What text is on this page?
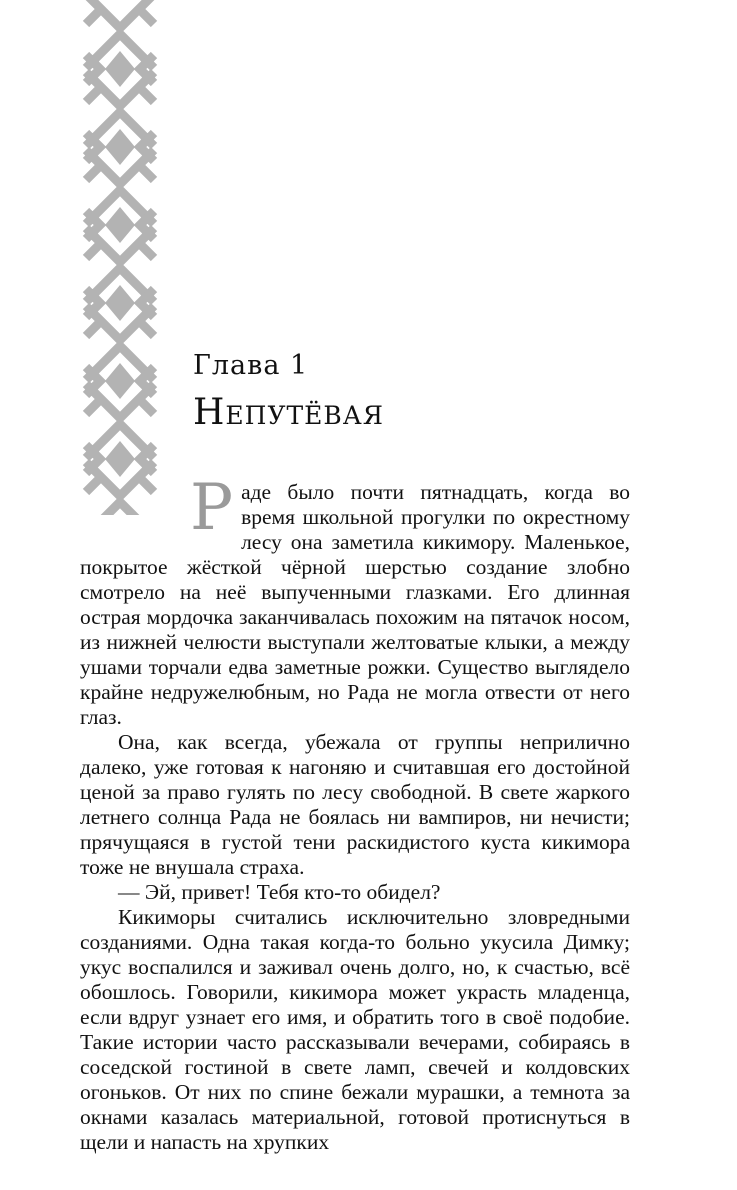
Глава 1
Непутёвая

Раде было почти пятнадцать, когда во время школьной прогулки по окрестному лесу она заметила кикимору. Маленькое, покрытое жёсткой чёрной шерстью создание злобно смотрело на неё выпученными глазками. Его длинная острая мордочка заканчивалась похожим на пятачок носом, из нижней челюсти выступали желтоватые клыки, а между ушами торчали едва заметные рожки. Существо выглядело крайне недружелюбным, но Рада не могла отвести от него глаз.

Она, как всегда, убежала от группы неприлично далеко, уже готовая к нагоняю и считавшая его достойной ценой за право гулять по лесу свободной. В свете жаркого летнего солнца Рада не боялась ни вампиров, ни нечисти; прячущаяся в густой тени раскидистого куста кикимора тоже не внушала страха.

— Эй, привет! Тебя кто-то обидел?

Кикиморы считались исключительно зловредными созданиями. Одна такая когда-то больно укусила Димку; укус воспалился и заживал очень долго, но, к счастью, всё обошлось. Говорили, кикимора может украсть младенца, если вдруг узнает его имя, и обратить того в своё подобие. Такие истории часто рассказывали вечерами, собираясь в соседской гостиной в свете ламп, свечей и колдовских огоньков. От них по спине бежали мурашки, а темнота за окнами казалась материальной, готовой протиснуться в щели и напасть на хрупких
